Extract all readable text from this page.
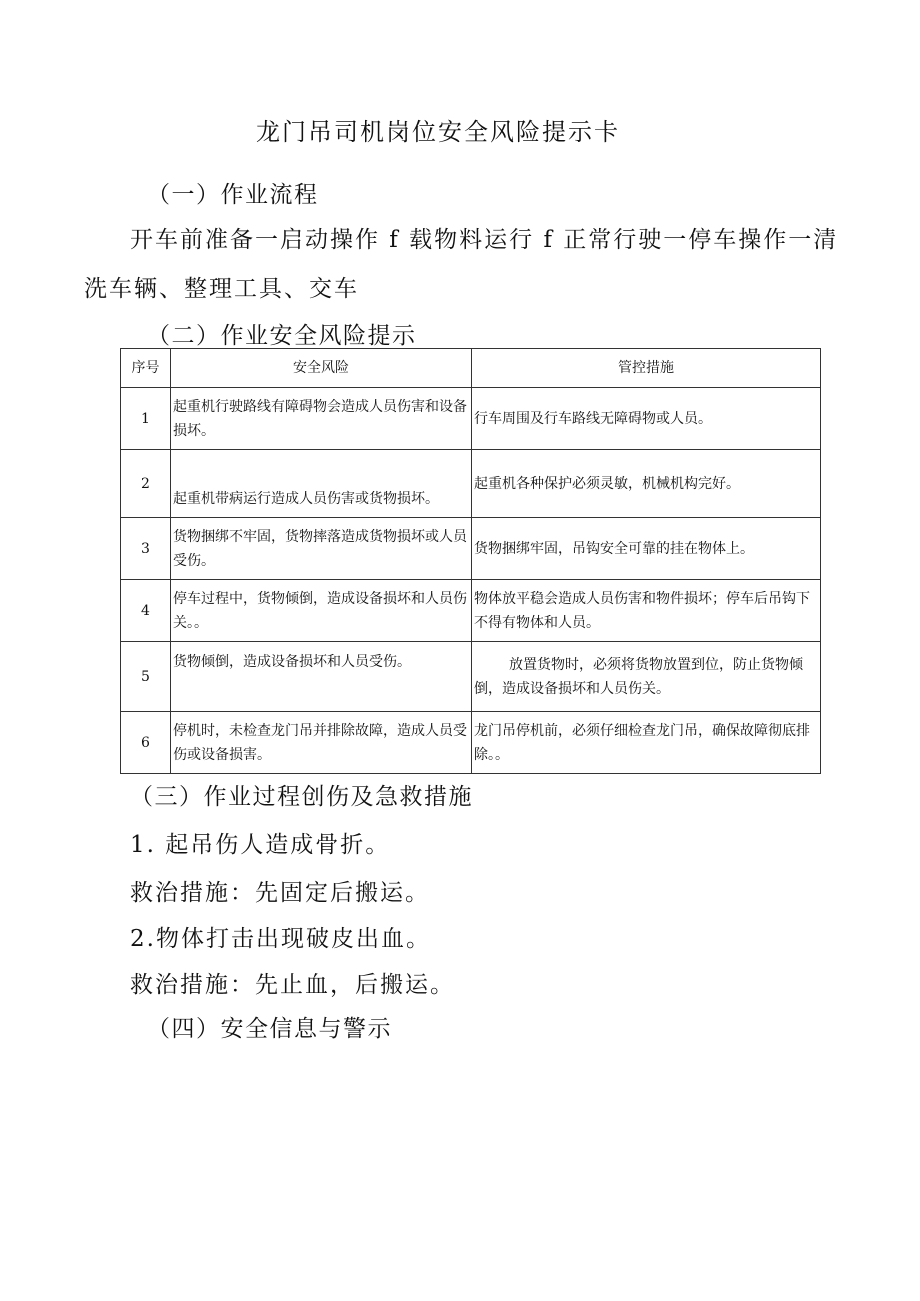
龙门吊司机岗位安全风险提示卡
（一）作业流程
开车前准备一启动操作 f 载物料运行 f 正常行驶一停车操作一清
洗车辆、整理工具、交车
（二）作业安全风险提示
序号	安全风险	管控措施
1	起重机行驶路线有障碍物会造成人员伤害和设备损坏。	行车周围及行车路线无障碍物或人员。
2	起重机带病运行造成人员伤害或货物损坏。	起重机各种保护必须灵敏，机械机构完好。
3	货物捆绑不牢固，货物摔落造成货物损坏或人员受伤。	货物捆绑牢固，吊钩安全可靠的挂在物体上。
4	停车过程中，货物倾倒，造成设备损坏和人员伤关。。	物体放平稳会造成人员伤害和物件损坏；停车后吊钩下不得有物体和人员。
5	货物倾倒，造成设备损坏和人员受伤。	放置货物时，必须将货物放置到位，防止货物倾倒，造成设备损坏和人员伤关。
6	停机时，未检查龙门吊并排除故障，造成人员受伤或设备损害。	龙门吊停机前，必须仔细检查龙门吊，确保故障彻底排除。。
（三）作业过程创伤及急救措施
1. 起吊伤人造成骨折。
救治措施：先固定后搬运。
2.物体打击出现破皮出血。
救治措施：先止血，后搬运。
（四）安全信息与警示
